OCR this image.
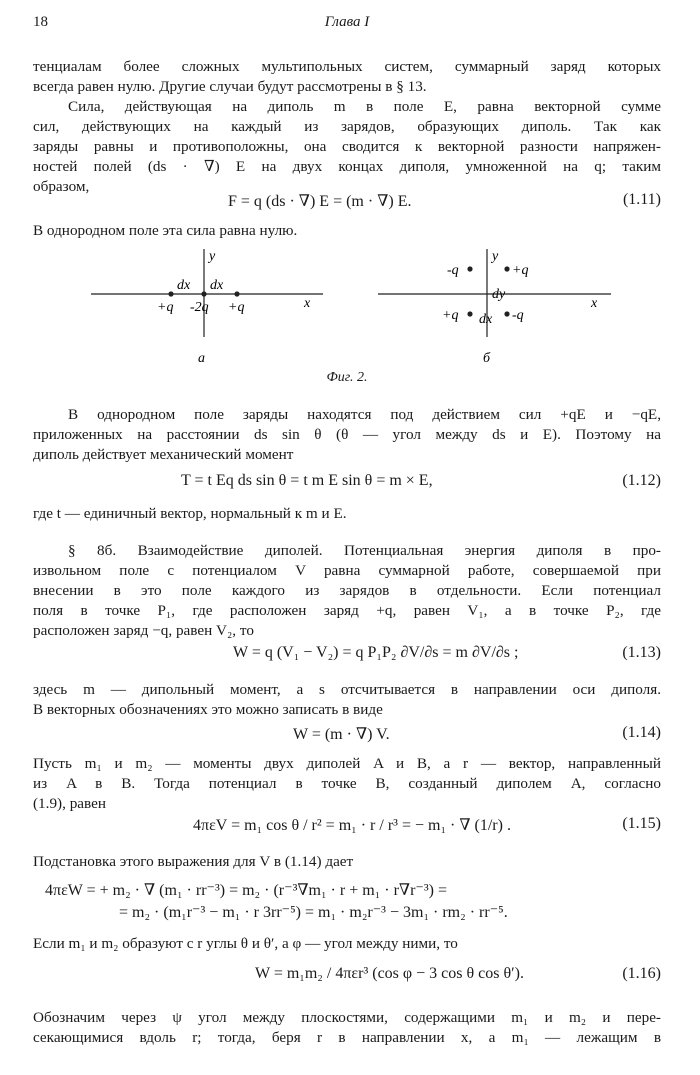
18	Глава I
тенциалам более сложных мультипольных систем, суммарный заряд которых
всегда равен нулю. Другие случаи будут рассмотрены в § 13.
Сила, действующая на диполь m в поле E, равна векторной сумме
сил, действующих на каждый из зарядов, образующих диполь. Так как
заряды равны и противоположны, она сводится к векторной разности напряжен-
ностей полей (ds · ∇) E на двух концах диполя, умноженной на q; таким
образом,
F = q (ds · ∇) E = (m · ∇) E.	(1.11)
В однородном поле эта сила равна нулю.
y
x
dx dx
+q -2q +q
а
y
x
-q	+q
dy
+q dx -q
б
Фиг. 2.
В однородном поле заряды находятся под действием сил +qE и −qE,
приложенных на расстоянии ds sin θ (θ — угол между ds и E). Поэтому на
диполь действует механический момент
T = t Eq ds sin θ = t m E sin θ = m × E,	(1.12)
где t — единичный вектор, нормальный к m и E.
§ 8б. Взаимодействие диполей. Потенциальная энергия диполя в про-
извольном поле с потенциалом V равна суммарной работе, совершаемой при
внесении в это поле каждого из зарядов в отдельности. Если потенциал
поля в точке P₁, где расположен заряд +q, равен V₁, а в точке P₂, где
расположен заряд −q, равен V₂, то
W = q (V₁ − V₂) = q P₁P₂ ∂V/∂s = m ∂V/∂s ;	(1.13)
здесь m — дипольный момент, а s отсчитывается в направлении оси диполя.
В векторных обозначениях это можно записать в виде
W = (m · ∇) V.	(1.14)
Пусть m₁ и m₂ — моменты двух диполей A и B, а r — вектор, направленный
из A в B. Тогда потенциал в точке B, созданный диполем A, согласно
(1.9), равен
4πεV = m₁ cos θ / r² = m₁ · r / r³ = − m₁ · ∇ (1/r) .	(1.15)
Подстановка этого выражения для V в (1.14) дает
4πεW = + m₂ · ∇ (m₁ · rr⁻³) = m₂ · (r⁻³∇m₁ · r + m₁ · r∇r⁻³) =
= m₂ · (m₁r⁻³ − m₁ · r 3rr⁻⁵) = m₁ · m₂r⁻³ − 3m₁ · rm₂ · rr⁻⁵.
Если m₁ и m₂ образуют с r углы θ и θ′, а φ — угол между ними, то
W = m₁m₂ / 4πεr³ (cos φ − 3 cos θ cos θ′).	(1.16)
Обозначим через ψ угол между плоскостями, содержащими m₁ и m₂ и пере-
секающимися вдоль r; тогда, беря r в направлении x, а m₁ — лежащим в
